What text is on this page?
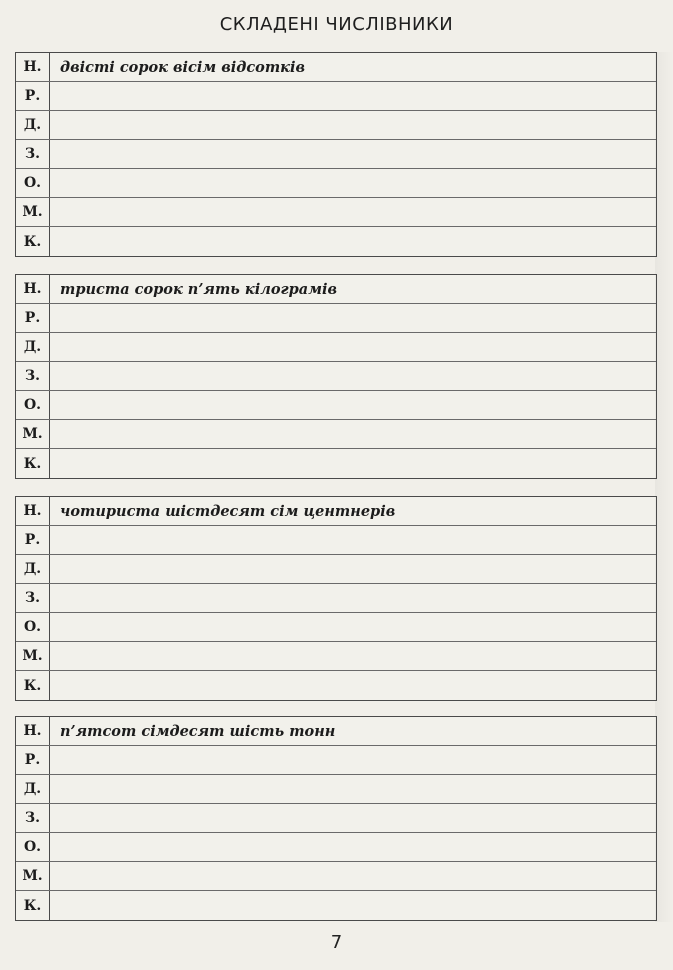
СКЛАДЕНІ ЧИСЛІВНИКИ
Н.	двісті сорок вісім відсотків
Р.
Д.
З.
О.
М.
К.
Н.	триста сорок п’ять кілограмів
Р.
Д.
З.
О.
М.
К.
Н.	чотириста шістдесят сім центнерів
Р.
Д.
З.
О.
М.
К.
Н.	п’ятсот сімдесят шість тонн
Р.
Д.
З.
О.
М.
К.
7
